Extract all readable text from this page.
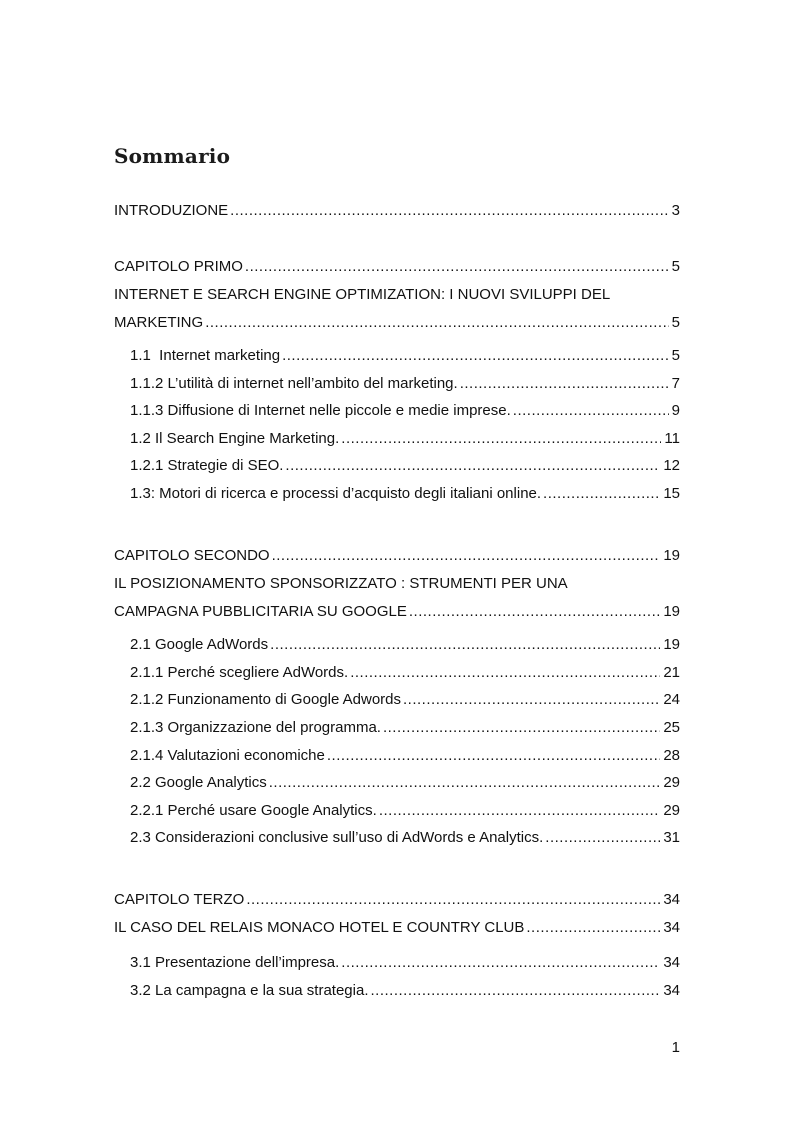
Sommario
INTRODUZIONE .....	3
CAPITOLO PRIMO .....	5
INTERNET E SEARCH ENGINE OPTIMIZATION: I NUOVI SVILUPPI DEL
MARKETING .....	5
1.1  Internet marketing .....	5
1.1.2 L’utilità di internet nell’ambito del marketing. .....	7
1.1.3 Diffusione di Internet nelle piccole e medie imprese. .....	9
1.2 Il Search Engine Marketing. .....	11
1.2.1 Strategie di SEO. .....	12
1.3: Motori di ricerca e processi d’acquisto degli italiani online. .....	15
CAPITOLO SECONDO .....	19
IL POSIZIONAMENTO SPONSORIZZATO : STRUMENTI PER UNA
CAMPAGNA PUBBLICITARIA SU GOOGLE .....	19
2.1 Google AdWords .....	19
2.1.1 Perché scegliere AdWords. .....	21
2.1.2 Funzionamento di Google Adwords .....	24
2.1.3 Organizzazione del programma. .....	25
2.1.4 Valutazioni economiche .....	28
2.2 Google Analytics .....	29
2.2.1 Perché usare Google Analytics. .....	29
2.3 Considerazioni conclusive sull’uso di AdWords e Analytics. .....	31
CAPITOLO TERZO .....	34
IL CASO DEL RELAIS MONACO HOTEL E COUNTRY CLUB .....	34
3.1 Presentazione dell’impresa. .....	34
3.2 La campagna e la sua strategia. .....	34
1
